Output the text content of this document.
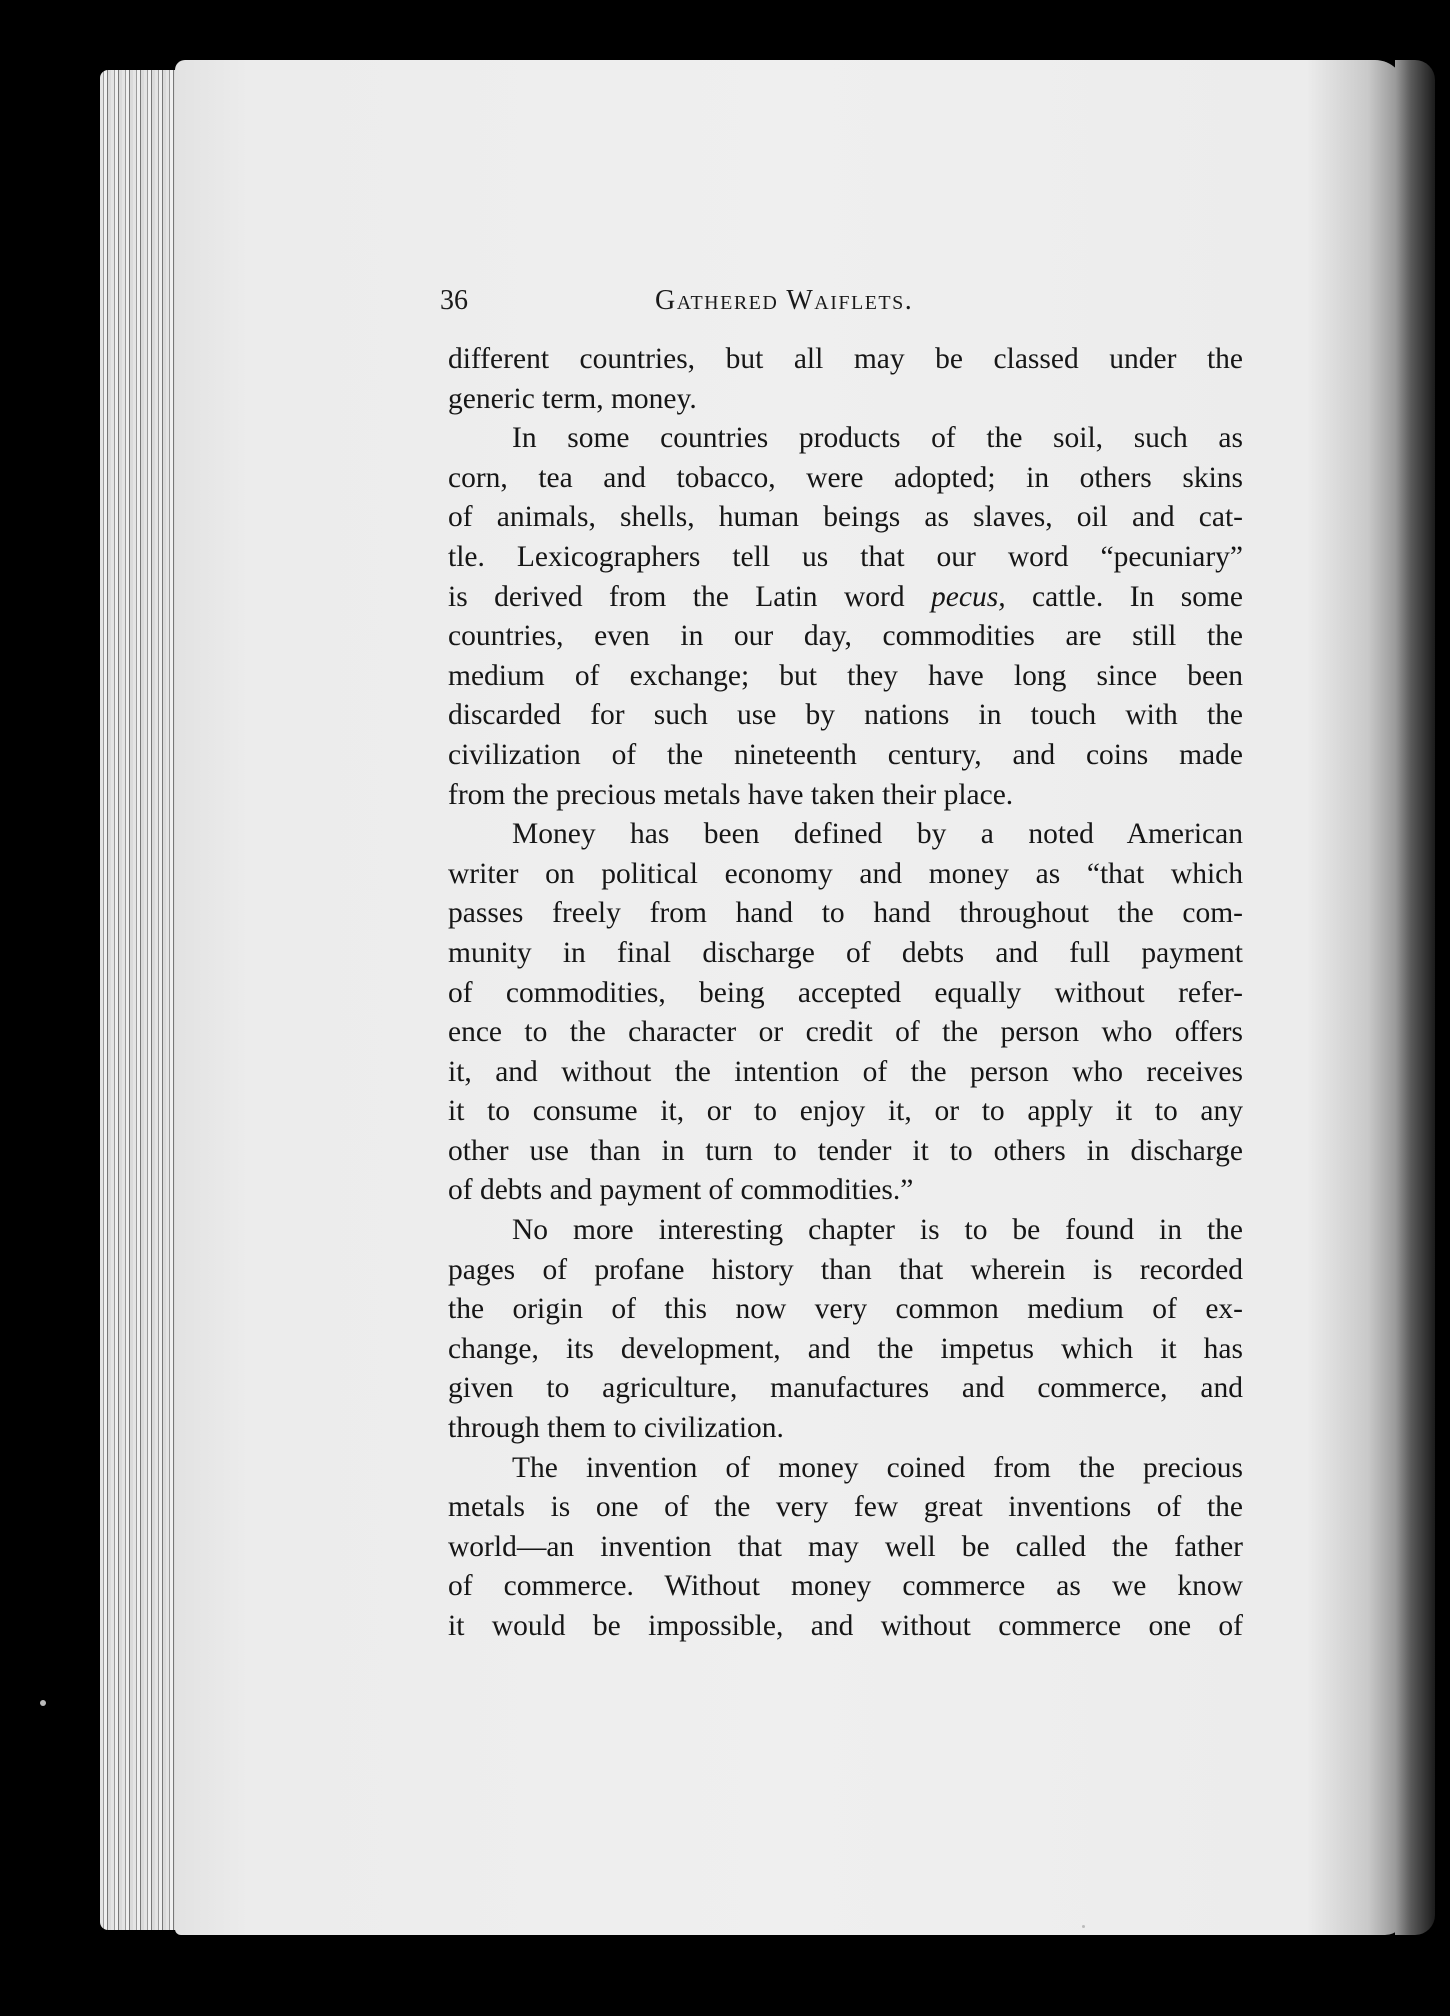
36	Gathered Waiflets.
different countries, but all may be classed under the
generic term, money.
In some countries products of the soil, such as
corn, tea and tobacco, were adopted; in others skins
of animals, shells, human beings as slaves, oil and cat-
tle. Lexicographers tell us that our word “pecuniary”
is derived from the Latin word pecus, cattle. In some
countries, even in our day, commodities are still the
medium of exchange; but they have long since been
discarded for such use by nations in touch with the
civilization of the nineteenth century, and coins made
from the precious metals have taken their place.
Money has been defined by a noted American
writer on political economy and money as “that which
passes freely from hand to hand throughout the com-
munity in final discharge of debts and full payment
of commodities, being accepted equally without refer-
ence to the character or credit of the person who offers
it, and without the intention of the person who receives
it to consume it, or to enjoy it, or to apply it to any
other use than in turn to tender it to others in discharge
of debts and payment of commodities.”
No more interesting chapter is to be found in the
pages of profane history than that wherein is recorded
the origin of this now very common medium of ex-
change, its development, and the impetus which it has
given to agriculture, manufactures and commerce, and
through them to civilization.
The invention of money coined from the precious
metals is one of the very few great inventions of the
world—an invention that may well be called the father
of commerce. Without money commerce as we know
it would be impossible, and without commerce one of
